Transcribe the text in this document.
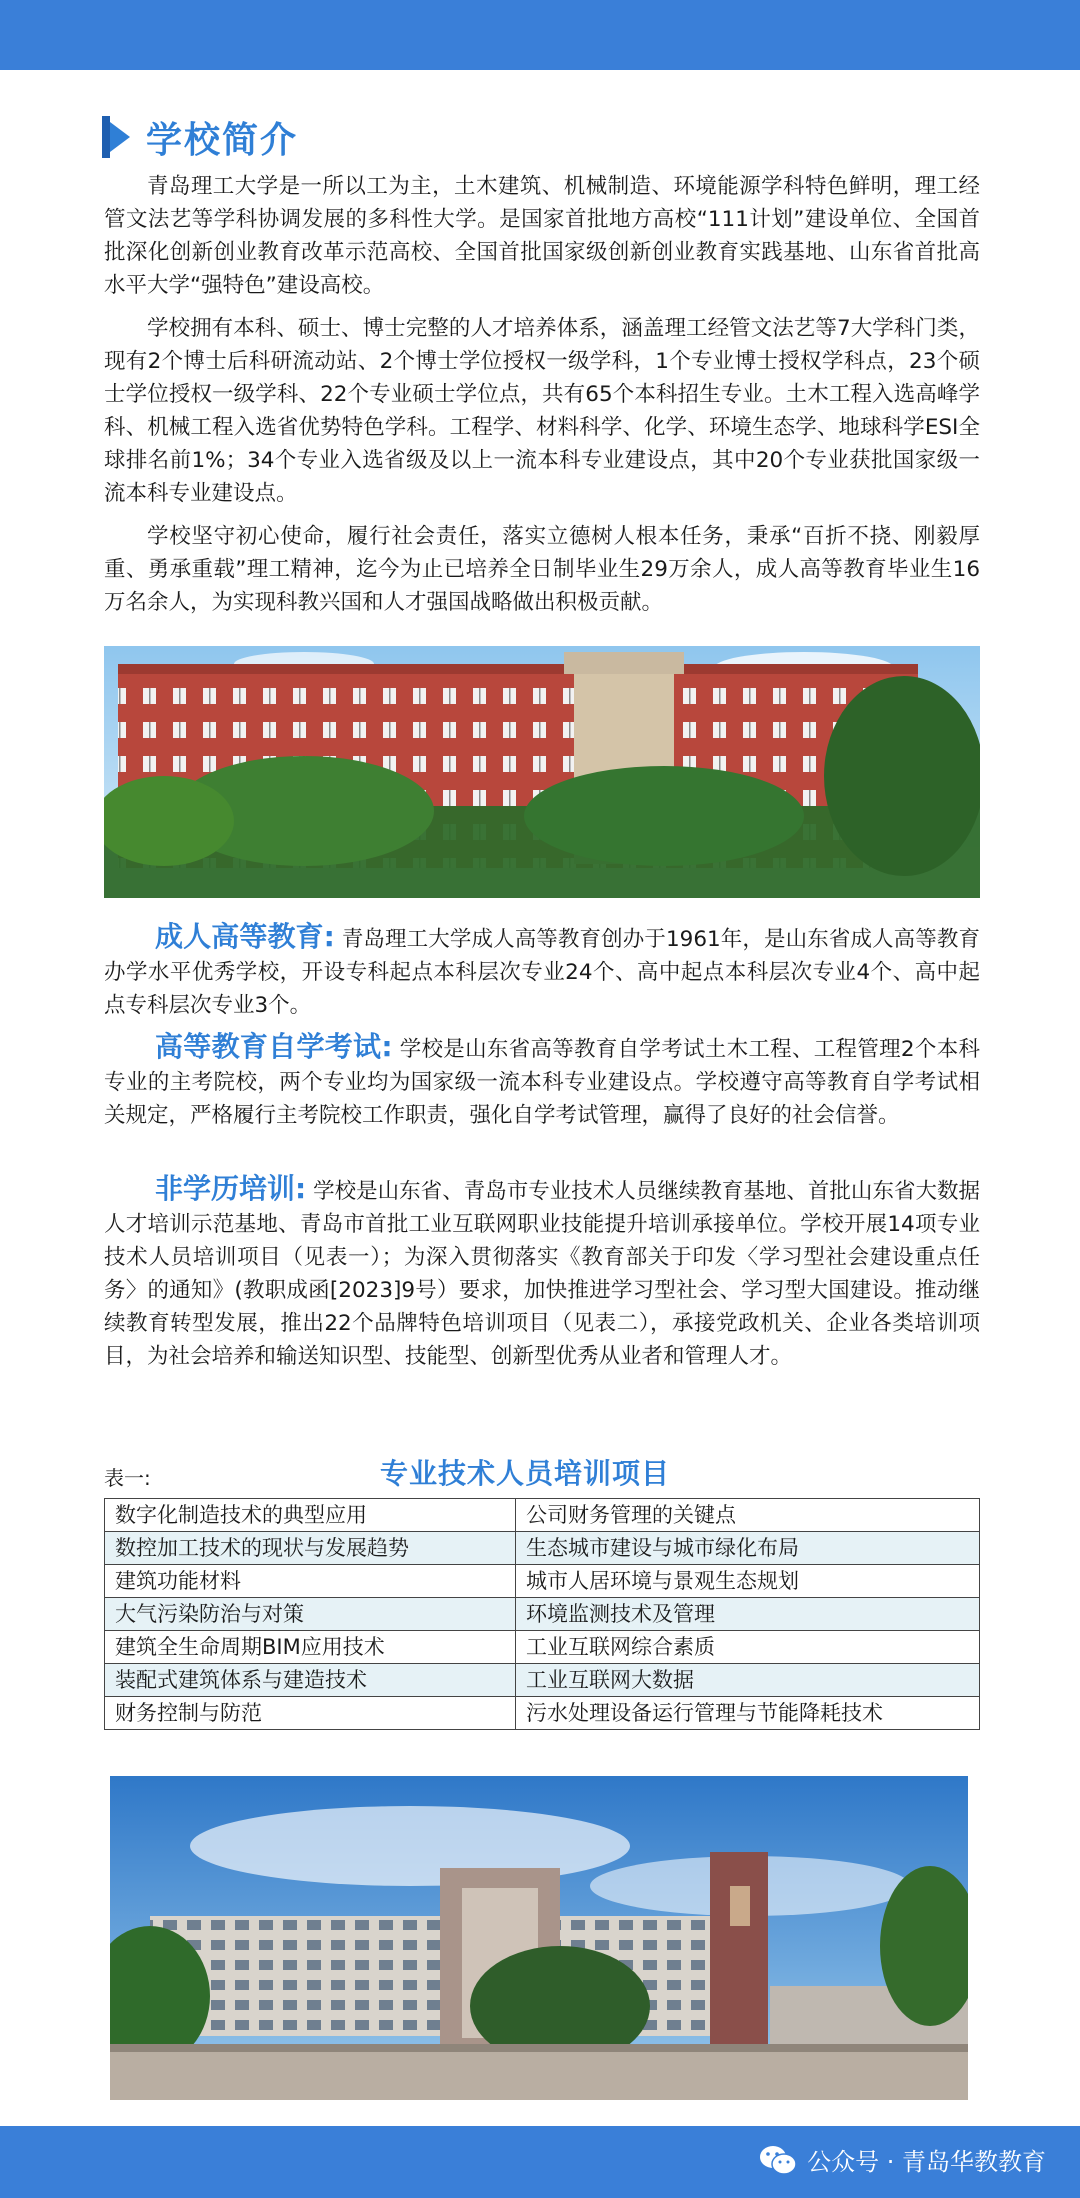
学校简介

青岛理工大学是一所以工为主，土木建筑、机械制造、环境能源学科特色鲜明，理工经管文法艺等学科协调发展的多科性大学。是国家首批地方高校“111计划”建设单位、全国首批深化创新创业教育改革示范高校、全国首批国家级创新创业教育实践基地、山东省首批高水平大学“强特色”建设高校。

学校拥有本科、硕士、博士完整的人才培养体系，涵盖理工经管文法艺等7大学科门类，现有2个博士后科研流动站、2个博士学位授权一级学科，1个专业博士授权学科点，23个硕士学位授权一级学科、22个专业硕士学位点，共有65个本科招生专业。土木工程入选高峰学科、机械工程入选省优势特色学科。工程学、材料科学、化学、环境生态学、地球科学ESI全球排名前1%；34个专业入选省级及以上一流本科专业建设点，其中20个专业获批国家级一流本科专业建设点。

学校坚守初心使命，履行社会责任，落实立德树人根本任务，秉承“百折不挠、刚毅厚重、勇承重载”理工精神，迄今为止已培养全日制毕业生29万余人，成人高等教育毕业生16万名余人，为实现科教兴国和人才强国战略做出积极贡献。

成人高等教育: 青岛理工大学成人高等教育创办于1961年，是山东省成人高等教育办学水平优秀学校，开设专科起点本科层次专业24个、高中起点本科层次专业4个、高中起点专科层次专业3个。

高等教育自学考试: 学校是山东省高等教育自学考试土木工程、工程管理2个本科专业的主考院校，两个专业均为国家级一流本科专业建设点。学校遵守高等教育自学考试相关规定，严格履行主考院校工作职责，强化自学考试管理，赢得了良好的社会信誉。

非学历培训: 学校是山东省、青岛市专业技术人员继续教育基地、首批山东省大数据人才培训示范基地、青岛市首批工业互联网职业技能提升培训承接单位。学校开展14项专业技术人员培训项目（见表一）；为深入贯彻落实《教育部关于印发〈学习型社会建设重点任务〉的通知》(教职成函[2023]9号）要求，加快推进学习型社会、学习型大国建设。推动继续教育转型发展，推出22个品牌特色培训项目（见表二），承接党政机关、企业各类培训项目，为社会培养和输送知识型、技能型、创新型优秀从业者和管理人才。

表一:	专业技术人员培训项目
数字化制造技术的典型应用	公司财务管理的关键点
数控加工技术的现状与发展趋势	生态城市建设与城市绿化布局
建筑功能材料	城市人居环境与景观生态规划
大气污染防治与对策	环境监测技术及管理
建筑全生命周期BIM应用技术	工业互联网综合素质
装配式建筑体系与建造技术	工业互联网大数据
财务控制与防范	污水处理设备运行管理与节能降耗技术
公众号 · 青岛华教教育
